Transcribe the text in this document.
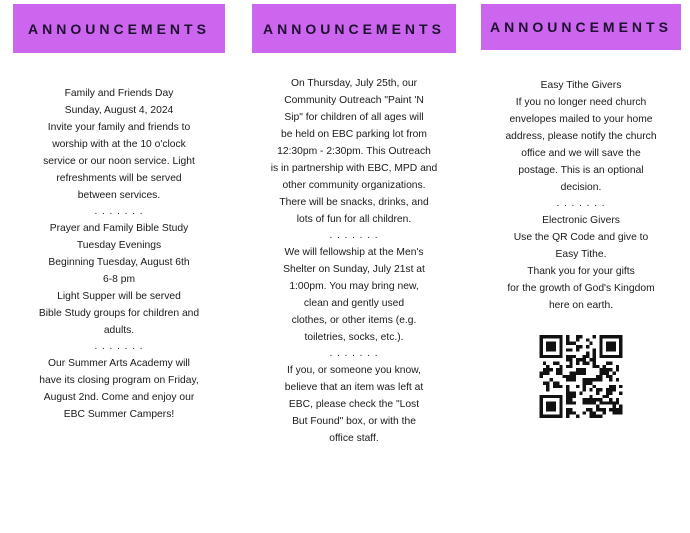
ANNOUNCEMENTS

Family and Friends Day

Sunday, August 4, 2024

Invite your family and friends to

worship with at the 10 o'clock

service or our noon service. Light

refreshments will be served

between services.

. . . . . . .

Prayer and Family Bible Study

Tuesday Evenings

Beginning Tuesday, August 6th

6-8 pm

Light Supper will be served

Bible Study groups for children and

adults.

. . . . . . .

Our Summer Arts Academy will

have its closing program on Friday,

August 2nd. Come and enjoy our

EBC Summer Campers!

ANNOUNCEMENTS

On Thursday, July 25th, our

Community Outreach "Paint 'N

Sip" for children of all ages will

be held on EBC parking lot from

12:30pm - 2:30pm. This Outreach

is in partnership with EBC, MPD and

other community organizations.

There will be snacks, drinks, and

lots of fun for all children.

. . . . . . .

We will fellowship at the Men's

Shelter on Sunday, July 21st at

1:00pm. You may bring new,

clean and gently used

clothes, or other items (e.g.

toiletries, socks, etc.).

. . . . . . .

If you, or someone you know,

believe that an item was left at

EBC, please check the "Lost

But Found" box, or with the

office staff.

ANNOUNCEMENTS

Easy Tithe Givers

If you no longer need church

envelopes mailed to your home

address, please notify the church

office and we will save the

postage. This is an optional

decision.

. . . . . . .

Electronic Givers

Use the QR Code and give to

Easy Tithe.

Thank you for your gifts

for the growth of God's Kingdom

here on earth.
